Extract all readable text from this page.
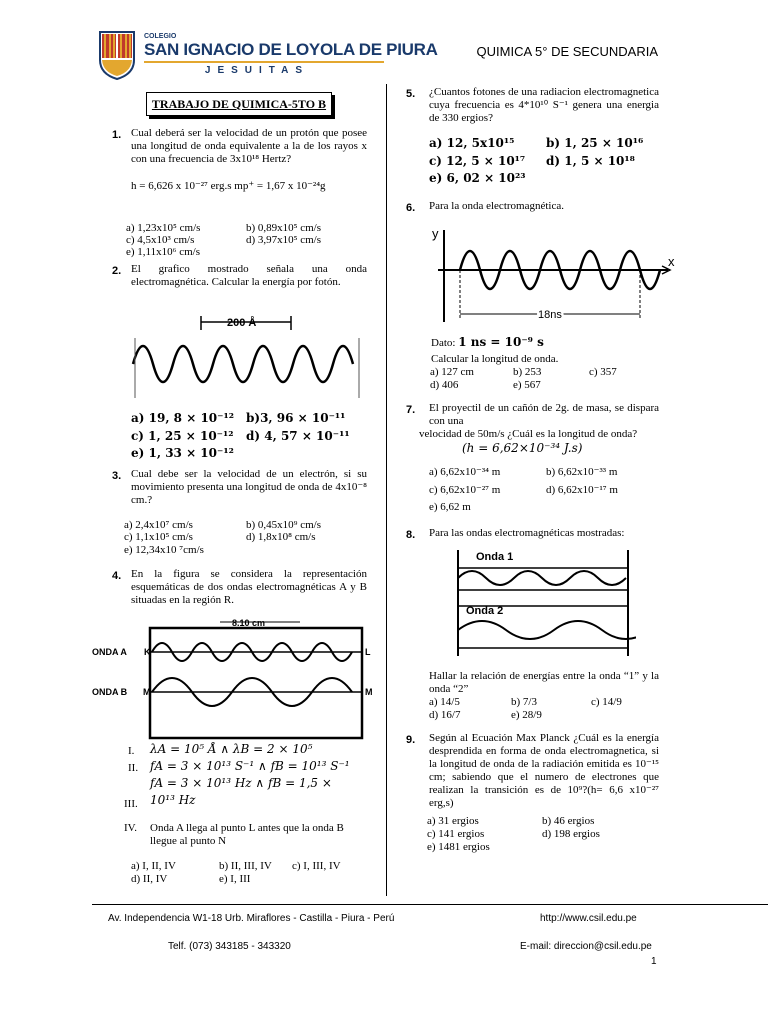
COLEGIO
SAN IGNACIO DE LOYOLA DE PIURA
JESUITAS
QUIMICA 5° DE SECUNDARIA
TRABAJO DE QUIMICA-5TO B
1. Cual deberá ser la velocidad de un protón que posee una longitud de onda equivalente a la de los rayos x con una frecuencia de 3x10¹⁸ Hertz?
h = 6,626 x 10⁻²⁷ erg.s mp⁺ = 1,67 x 10⁻²⁴g
a) 1,23x10⁵ cm/s	b) 0,89x10⁵ cm/s
c) 4,5x10³ cm/s	d) 3,97x10⁵ cm/s
e) 1,11x10⁶ cm/s
2. El grafico mostrado señala una onda electromagnética. Calcular la energía por fotón.
200 Å
a) 19, 8 × 10⁻¹² b)3, 96 × 10⁻¹¹
c) 1, 25 × 10⁻¹² d) 4, 57 × 10⁻¹¹
e) 1, 33 × 10⁻¹²
3. Cual debe ser la velocidad de un electrón, si su movimiento presenta una longitud de onda de 4x10⁻⁸ cm.?
a) 2,4x10⁷ cm/s	b) 0,45x10⁹ cm/s
c) 1,1x10⁵ cm/s	d) 1,8x10⁸ cm/s
e) 12,34x10 ⁷cm/s
4. En la figura se considera la representación esquemáticas de dos ondas electromagnéticas A y B situadas en la región R.
8.10 cm
ONDA A K	L
ONDA B M	M
I. λA = 10⁵ Å ∧ λB = 2 × 10⁵
II. fA = 3 × 10¹³ S⁻¹ ∧ fB = 10¹³ S⁻¹
fA = 3 × 10¹³ Hz ∧ fB = 1,5 ×
III. 10¹³ Hz
IV. Onda A llega al punto L antes que la onda B llegue al punto N
a) I, II, IV	b) II, III, IV c) I, III, IV
d) II, IV	e) I, III
5. ¿Cuantos fotones de una radiacion electromagnetica cuya frecuencia es 4*10¹⁰ S⁻¹ genera una energia de 330 ergios?
a) 12, 5x10¹⁵	b) 1, 25 × 10¹⁶
c) 12, 5 × 10¹⁷ d) 1, 5 × 10¹⁸
e) 6, 02 × 10²³
6. Para la onda electromagnética.
y
x
18ns
Dato: 1 ns = 10⁻⁹ s
Calcular la longitud de onda.
a) 127 cm	b) 253	c) 357
d) 406	e) 567
7. El proyectil de un cañón de 2g. de masa, se dispara con una
velocidad de 50m/s ¿Cuál es la longitud de onda?
(h = 6,62×10⁻³⁴ J.s)
a) 6,62x10⁻³⁴ m	b) 6,62x10⁻³³ m
c) 6,62x10⁻²⁷ m	d) 6,62x10⁻¹⁷ m
e) 6,62 m
8. Para las ondas electromagnéticas mostradas:
Onda 1
Onda 2
Hallar la relación de energías entre la onda “1” y la onda “2”
a) 14/5	b) 7/3	c) 14/9
d) 16/7	e) 28/9
9. Según al Ecuación Max Planck ¿Cuál es la energía desprendida en forma de onda electromagnetica, si la longitud de onda de la radiación emitida es 10⁻¹⁵ cm; sabiendo que el numero de electrones que realizan la transición es de 10⁹?(h= 6,6 x10⁻²⁷ erg,s)
a) 31 ergios	b) 46 ergios
c) 141 ergios	d) 198 ergios
e) 1481 ergios
Av. Independencia W1-18 Urb. Miraflores - Castilla - Piura - Perú	http://www.csil.edu.pe
Telf. (073) 343185 - 343320	E-mail: direccion@csil.edu.pe
1
